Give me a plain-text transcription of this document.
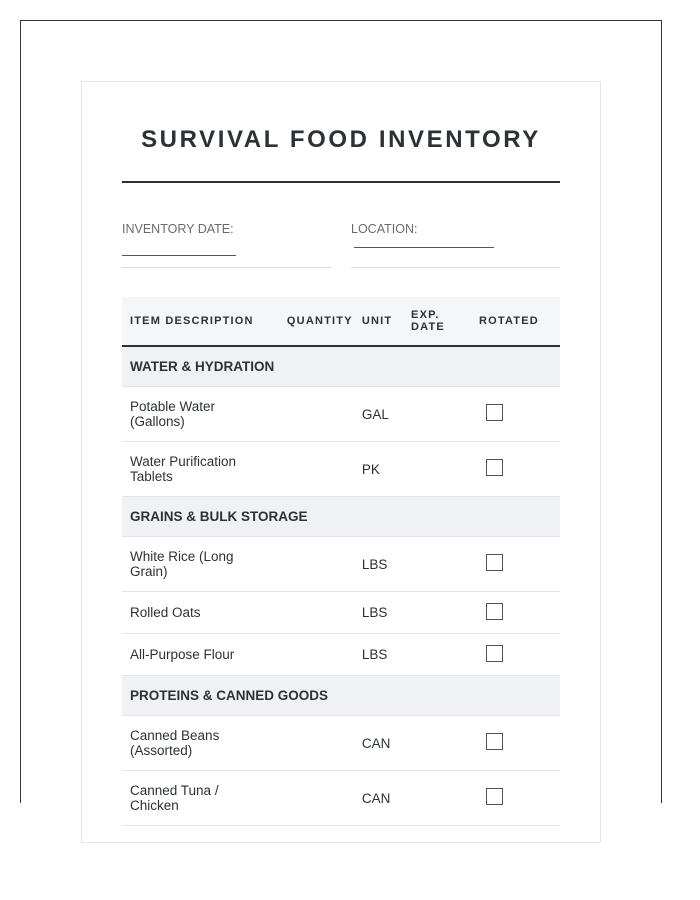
SURVIVAL FOOD INVENTORY
INVENTORY DATE:	LOCATION:
ITEM DESCRIPTION	QUANTITY	UNIT	EXP. DATE	ROTATED
WATER & HYDRATION				
Potable Water (Gallons)		GAL		
Water Purification Tablets		PK		
GRAINS & BULK STORAGE				
White Rice (Long Grain)		LBS		
Rolled Oats		LBS		
All-Purpose Flour		LBS		
PROTEINS & CANNED GOODS				
Canned Beans (Assorted)		CAN		
Canned Tuna / Chicken		CAN		
